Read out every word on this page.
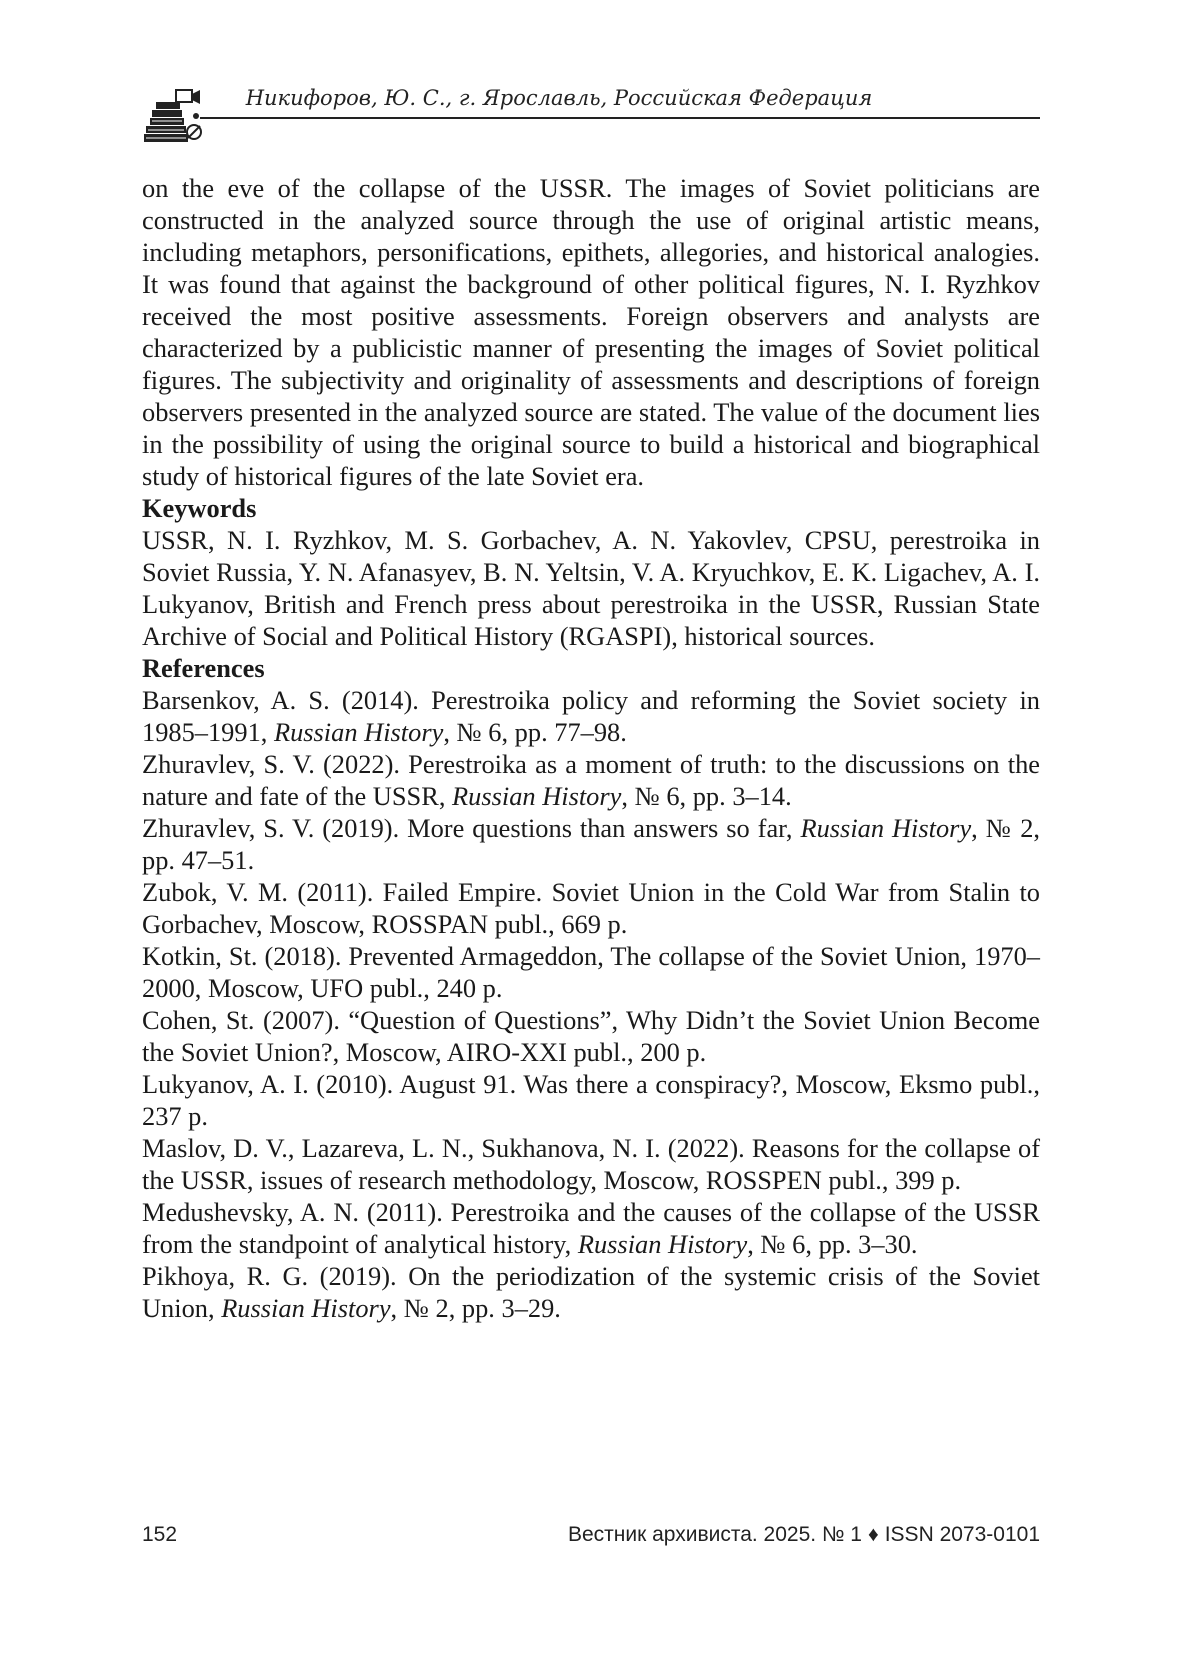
Никифоров, Ю. С., г. Ярославль, Российская Федерация

on the eve of the collapse of the USSR. The images of Soviet politicians are constructed in the analyzed source through the use of original artistic means, including metaphors, personifications, epithets, allegories, and historical analogies. It was found that against the background of other political figures, N. I. Ryzhkov received the most positive assessments. Foreign observers and analysts are characterized by a publicistic manner of presenting the images of Soviet political figures. The subjectivity and originality of assessments and descriptions of foreign observers presented in the analyzed source are stated. The value of the document lies in the possibility of using the original source to build a historical and biographical study of historical figures of the late Soviet era.

Keywords

USSR, N. I. Ryzhkov, M. S. Gorbachev, A. N. Yakovlev, CPSU, perestroika in Soviet Russia, Y. N. Afanasyev, B. N. Yeltsin, V. A. Kryuchkov, E. K. Ligachev, A. I. Lukyanov, British and French press about perestroika in the USSR, Russian State Archive of Social and Political History (RGASPI), historical sources.

References

Barsenkov, A. S. (2014). Perestroika policy and reforming the Soviet society in 1985–1991, Russian History, № 6, pp. 77–98.
Zhuravlev, S. V. (2022). Perestroika as a moment of truth: to the discussions on the nature and fate of the USSR, Russian History, № 6, pp. 3–14.
Zhuravlev, S. V. (2019). More questions than answers so far, Russian History, № 2, pp. 47–51.
Zubok, V. M. (2011). Failed Empire. Soviet Union in the Cold War from Stalin to Gorbachev, Moscow, ROSSPAN publ., 669 p.
Kotkin, St. (2018). Prevented Armageddon, The collapse of the Soviet Union, 1970–2000, Moscow, UFO publ., 240 p.
Cohen, St. (2007). “Question of Questions”, Why Didn’t the Soviet Union Become the Soviet Union?, Moscow, AIRO-XXI publ., 200 p.
Lukyanov, A. I. (2010). August 91. Was there a conspiracy?, Moscow, Eksmo publ., 237 p.
Maslov, D. V., Lazareva, L. N., Sukhanova, N. I. (2022). Reasons for the collapse of the USSR, issues of research methodology, Moscow, ROSSPEN publ., 399 p.
Medushevsky, A. N. (2011). Perestroika and the causes of the collapse of the USSR from the standpoint of analytical history, Russian History, № 6, pp. 3–30.
Pikhoya, R. G. (2019). On the periodization of the systemic crisis of the Soviet Union, Russian History, № 2, pp. 3–29.
152	Вестник архивиста. 2025. № 1 ♦ ISSN 2073-0101
